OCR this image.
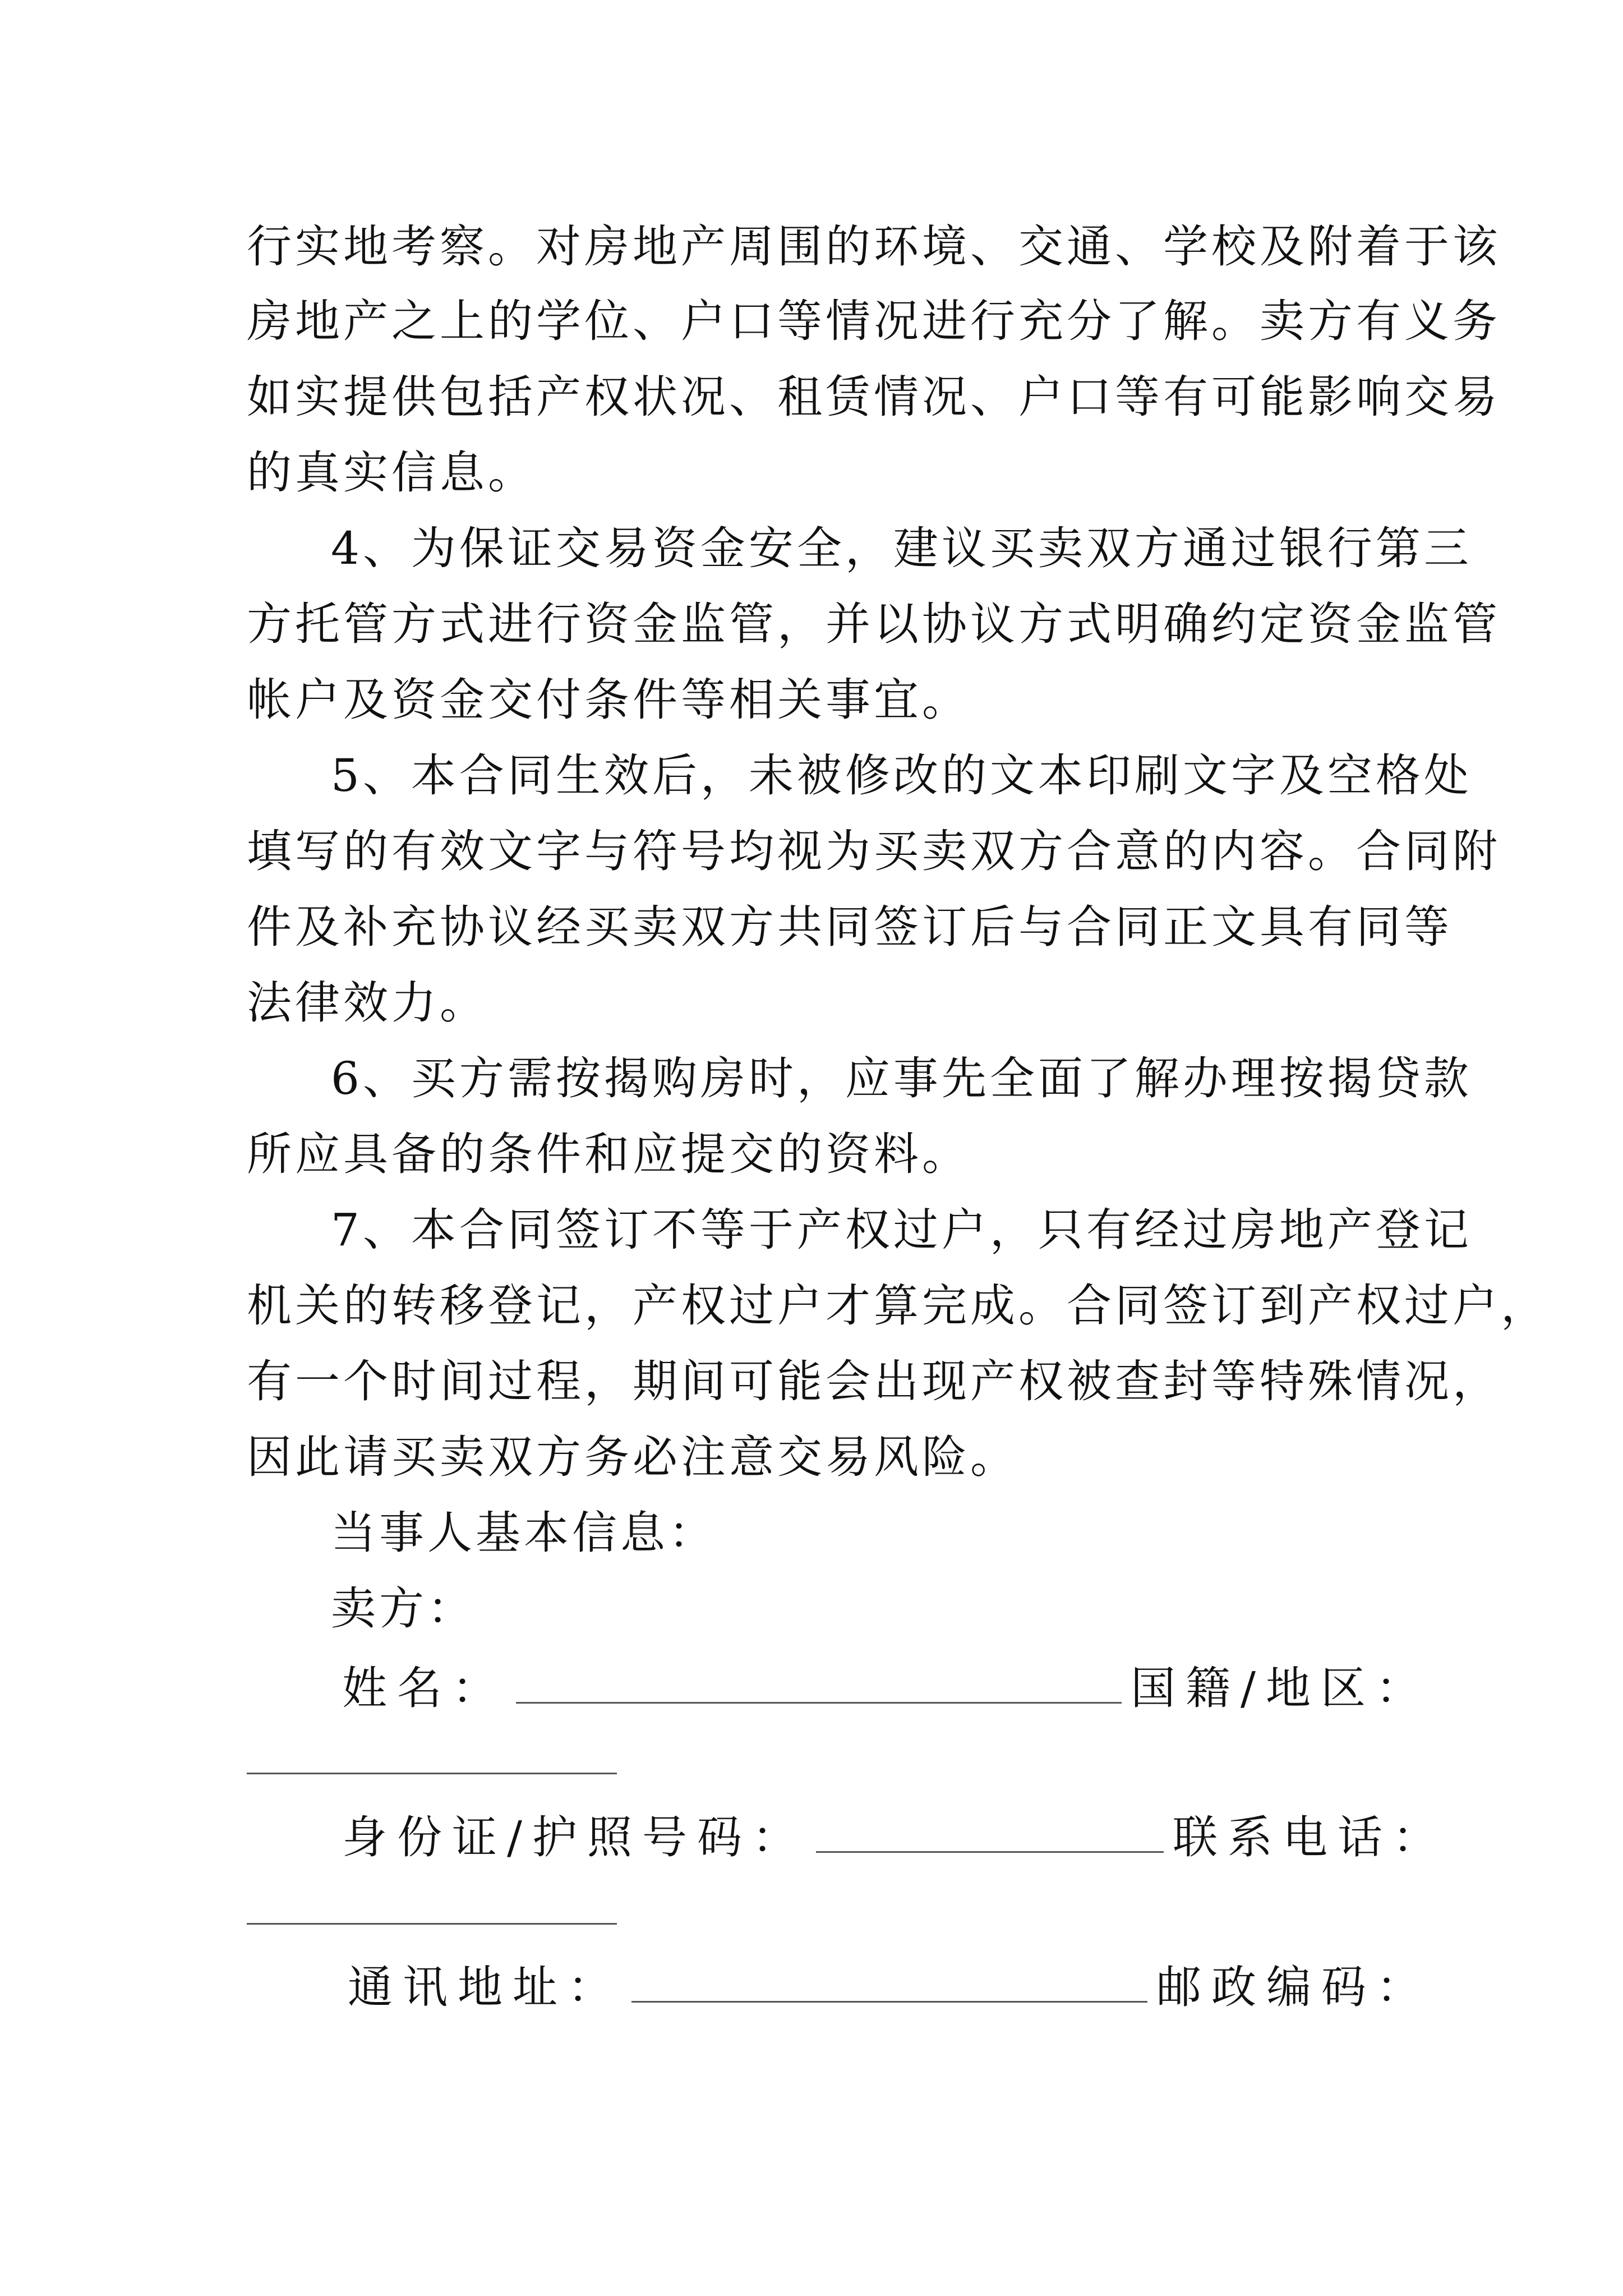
行实地考察。对房地产周围的环境、交通、学校及附着于该
房地产之上的学位、户口等情况进行充分了解。卖方有义务
如实提供包括产权状况、租赁情况、户口等有可能影响交易
的真实信息。
4、为保证交易资金安全，建议买卖双方通过银行第三
方托管方式进行资金监管，并以协议方式明确约定资金监管
帐户及资金交付条件等相关事宜。
5、本合同生效后，未被修改的文本印刷文字及空格处
填写的有效文字与符号均视为买卖双方合意的内容。合同附
件及补充协议经买卖双方共同签订后与合同正文具有同等
法律效力。
6、买方需按揭购房时，应事先全面了解办理按揭贷款
所应具备的条件和应提交的资料。
7、本合同签订不等于产权过户，只有经过房地产登记
机关的转移登记，产权过户才算完成。合同签订到产权过户，
有一个时间过程，期间可能会出现产权被查封等特殊情况，
因此请买卖双方务必注意交易风险。
当事人基本信息：
卖方：
姓名：	国籍/地区：
身份证/护照号码：	联系电话：
通讯地址：	邮政编码：
